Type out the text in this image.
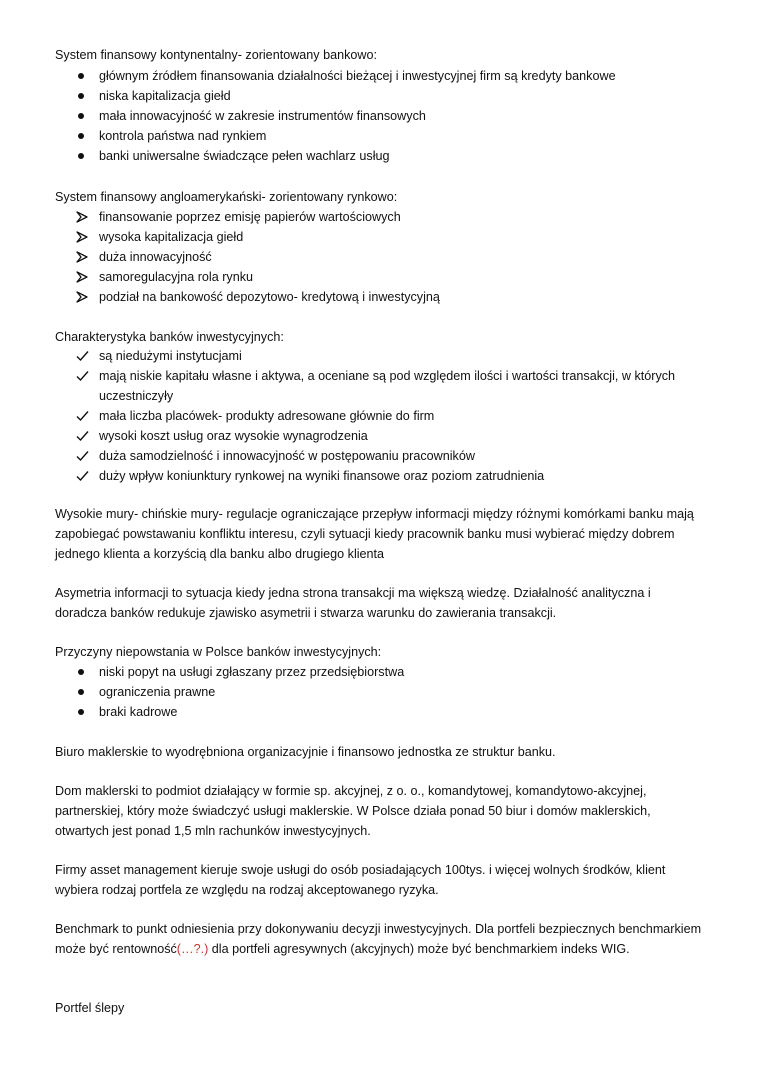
System finansowy kontynentalny- zorientowany bankowo:
głównym źródłem finansowania działalności bieżącej i inwestycyjnej firm są kredyty bankowe
niska kapitalizacja giełd
mała innowacyjność w zakresie instrumentów finansowych
kontrola państwa nad rynkiem
banki uniwersalne świadczące pełen wachlarz usług
System finansowy angloamerykański- zorientowany rynkowo:
finansowanie poprzez emisję papierów wartościowych
wysoka kapitalizacja giełd
duża innowacyjność
samoregulacyjna rola rynku
podział na bankowość depozytowo- kredytową i inwestycyjną
Charakterystyka banków inwestycyjnych:
są niedużymi instytucjami
mają niskie kapitału własne i aktywa, a oceniane są pod względem ilości i wartości transakcji, w których uczestniczyły
mała liczba placówek- produkty adresowane głównie do firm
wysoki koszt usług oraz wysokie wynagrodzenia
duża samodzielność i innowacyjność w postępowaniu pracowników
duży wpływ koniunktury rynkowej na wyniki finansowe oraz poziom zatrudnienia

Wysokie mury- chińskie mury- regulacje ograniczające przepływ informacji między różnymi komórkami banku mają zapobiegać powstawaniu konfliktu interesu, czyli sytuacji kiedy pracownik banku musi wybierać między dobrem jednego klienta a korzyścią dla banku albo drugiego klienta

Asymetria informacji to sytuacja kiedy jedna strona transakcji ma większą wiedzę. Działalność analityczna i doradcza banków redukuje zjawisko asymetrii i stwarza warunku do zawierania transakcji.

Przyczyny niepowstania w Polsce banków inwestycyjnych:
niski popyt na usługi zgłaszany przez przedsiębiorstwa
ograniczenia prawne
braki kadrowe

Biuro maklerskie to wyodrębniona organizacyjnie i finansowo jednostka ze struktur banku.

Dom maklerski to podmiot działający w formie sp. akcyjnej, z o. o., komandytowej, komandytowo-akcyjnej, partnerskiej, który może świadczyć usługi maklerskie. W Polsce działa ponad 50 biur i domów maklerskich, otwartych jest ponad 1,5 mln rachunków inwestycyjnych.

Firmy asset management kieruje swoje usługi do osób posiadających 100tys. i więcej wolnych środków, klient wybiera rodzaj portfela ze względu na rodzaj akceptowanego ryzyka.

Benchmark to punkt odniesienia przy dokonywaniu decyzji inwestycyjnych. Dla portfeli bezpiecznych benchmarkiem może być rentowność(…?.) dla portfeli agresywnych (akcyjnych) może być benchmarkiem indeks WIG.

Portfel ślepy
